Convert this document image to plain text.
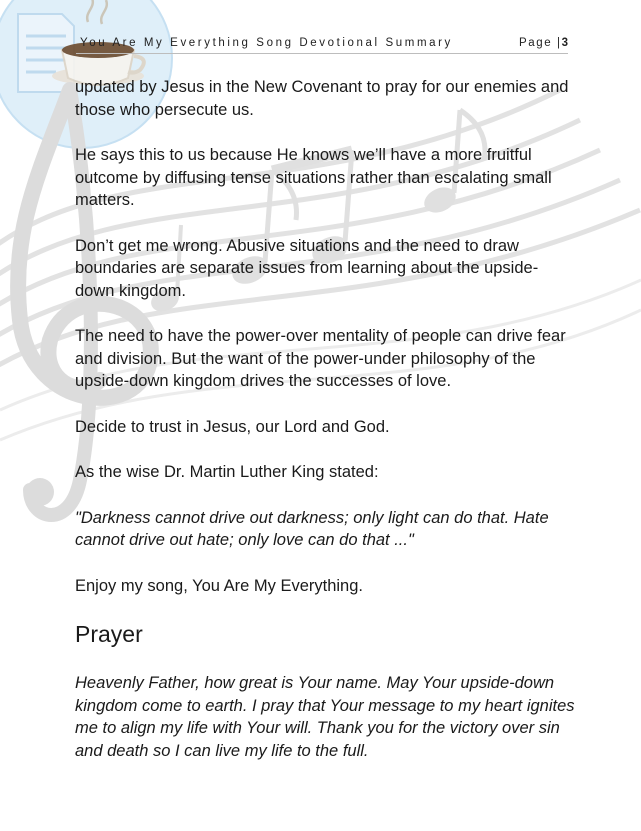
You Are My Everything Song Devotional Summary	Page |3

updated by Jesus in the New Covenant to pray for our enemies and those who persecute us.

He says this to us because He knows we’ll have a more fruitful outcome by diffusing tense situations rather than escalating small matters.

Don’t get me wrong. Abusive situations and the need to draw boundaries are separate issues from learning about the upside-down kingdom.

The need to have the power-over mentality of people can drive fear and division. But the want of the power-under philosophy of the upside-down kingdom drives the successes of love.

Decide to trust in Jesus, our Lord and God.

As the wise Dr. Martin Luther King stated:

"Darkness cannot drive out darkness; only light can do that. Hate cannot drive out hate; only love can do that ..."

Enjoy my song, You Are My Everything.

Prayer

Heavenly Father, how great is Your name. May Your upside-down kingdom come to earth. I pray that Your message to my heart ignites me to align my life with Your will. Thank you for the victory over sin and death so I can live my life to the full.
